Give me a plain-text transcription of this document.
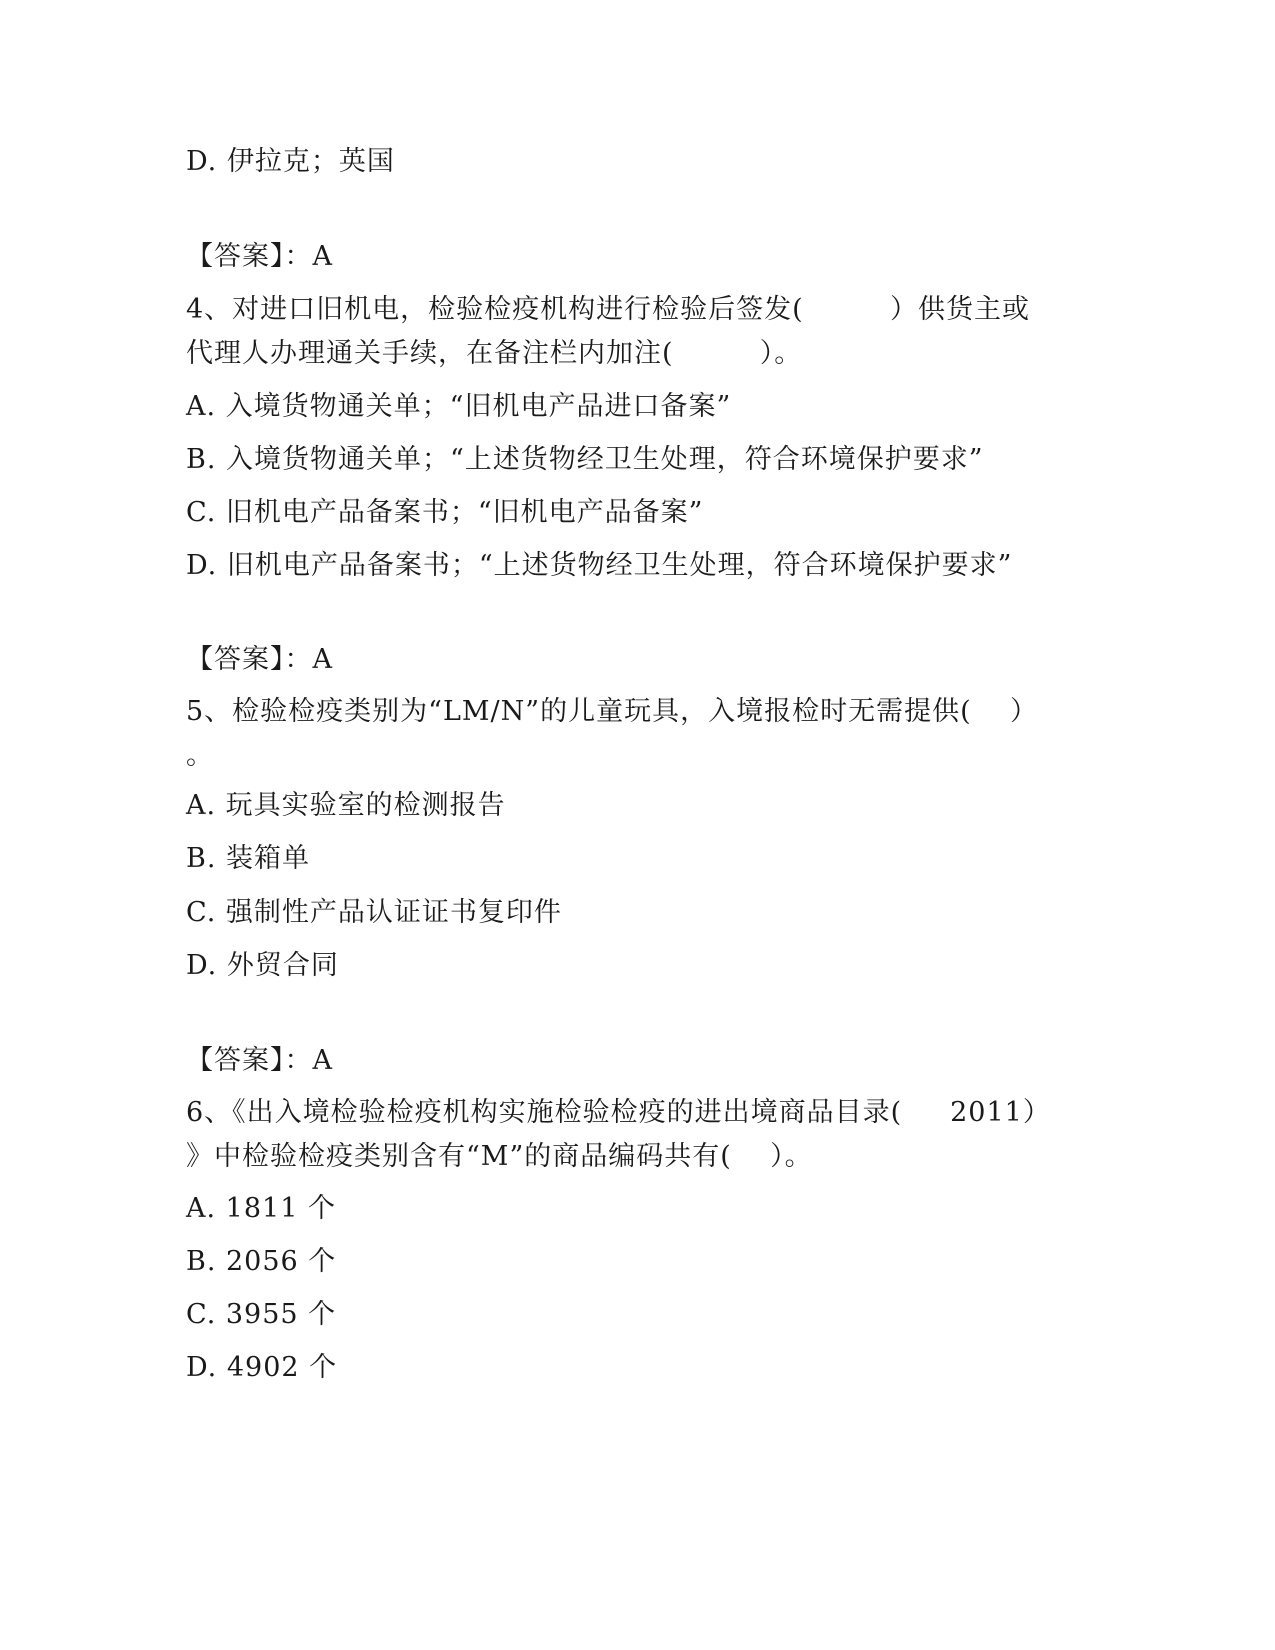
D. 伊拉克；英国
【答案】：A
4、对进口旧机电，检验检疫机构进行检验后签发(         ）供货主或
代理人办理通关手续，在备注栏内加注(         ）。
A. 入境货物通关单；“旧机电产品进口备案”
B. 入境货物通关单；“上述货物经卫生处理，符合环境保护要求”
C. 旧机电产品备案书；“旧机电产品备案”
D. 旧机电产品备案书；“上述货物经卫生处理，符合环境保护要求”
【答案】：A
5、检验检疫类别为“LM/N”的儿童玩具，入境报检时无需提供(    ）
。
A. 玩具实验室的检测报告
B. 装箱单
C. 强制性产品认证证书复印件
D. 外贸合同
【答案】：A
6、《出入境检验检疫机构实施检验检疫的进出境商品目录(     2011）
》中检验检疫类别含有“M”的商品编码共有(    ）。
A. 1811 个
B. 2056 个
C. 3955 个
D. 4902 个
